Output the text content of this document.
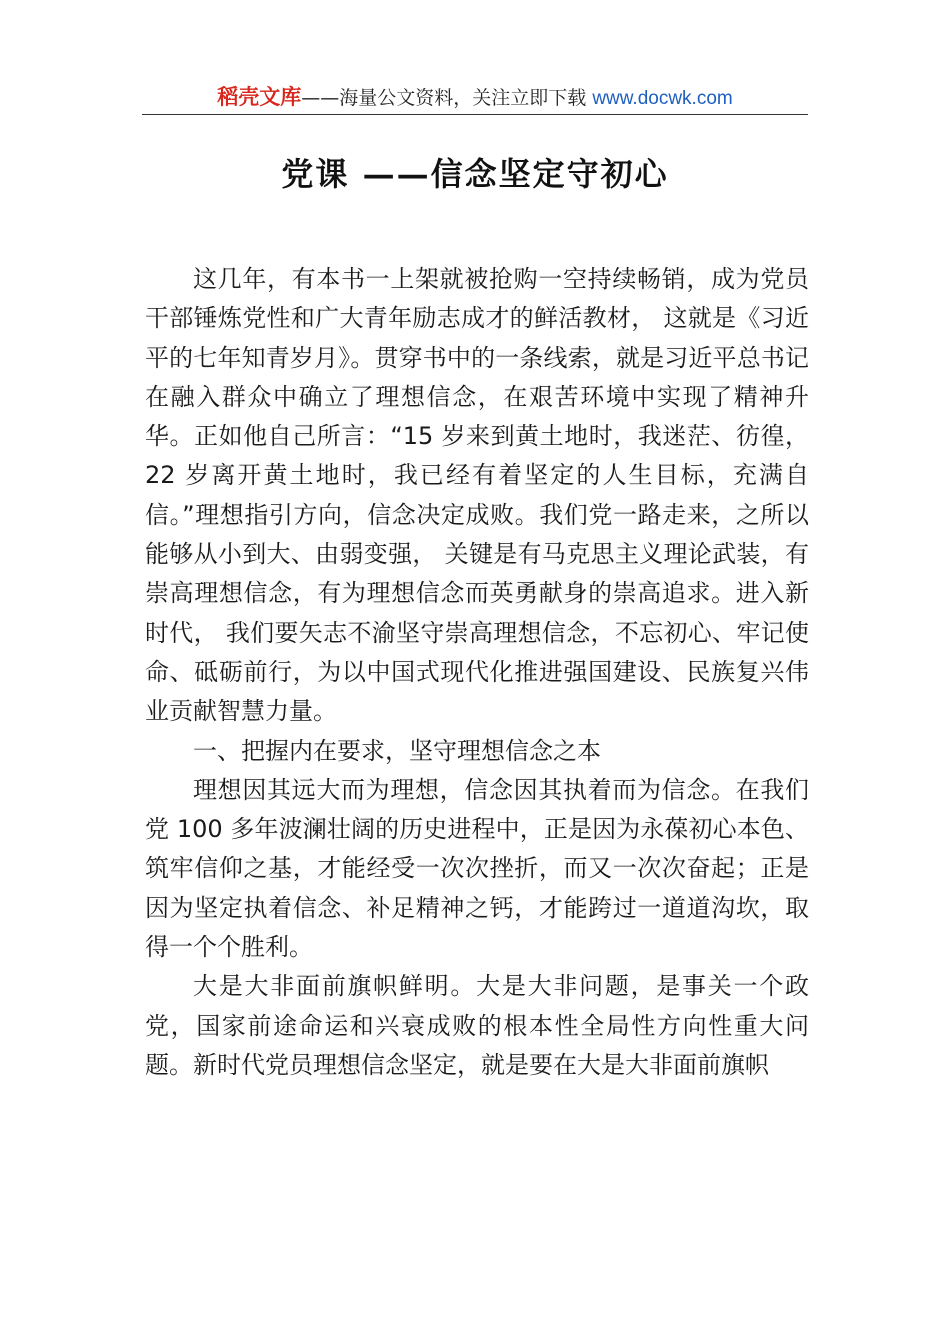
稻壳文库——海量公文资料，关注立即下载 www.docwk.com
党课 ——信念坚定守初心

这几年，有本书一上架就被抢购一空持续畅销，成为党员干部锤炼党性和广大青年励志成才的鲜活教材， 这就是《习近平的七年知青岁月》。贯穿书中的一条线索，就是习近平总书记在融入群众中确立了理想信念，在艰苦环境中实现了精神升华。正如他自己所言：“15 岁来到黄土地时，我迷茫、彷徨，22 岁离开黄土地时，我已经有着坚定的人生目标，充满自信。”理想指引方向，信念决定成败。我们党一路走来，之所以能够从小到大、由弱变强， 关键是有马克思主义理论武装，有崇高理想信念，有为理想信念而英勇献身的崇高追求。进入新时代， 我们要矢志不渝坚守崇高理想信念，不忘初心、牢记使命、砥砺前行，为以中国式现代化推进强国建设、民族复兴伟业贡献智慧力量。

一、把握内在要求，坚守理想信念之本

理想因其远大而为理想，信念因其执着而为信念。在我们党 100 多年波澜壮阔的历史进程中，正是因为永葆初心本色、筑牢信仰之基，才能经受一次次挫折，而又一次次奋起；正是因为坚定执着信念、补足精神之钙，才能跨过一道道沟坎，取得一个个胜利。

大是大非面前旗帜鲜明。大是大非问题，是事关一个政党，国家前途命运和兴衰成败的根本性全局性方向性重大问题。新时代党员理想信念坚定，就是要在大是大非面前旗帜
